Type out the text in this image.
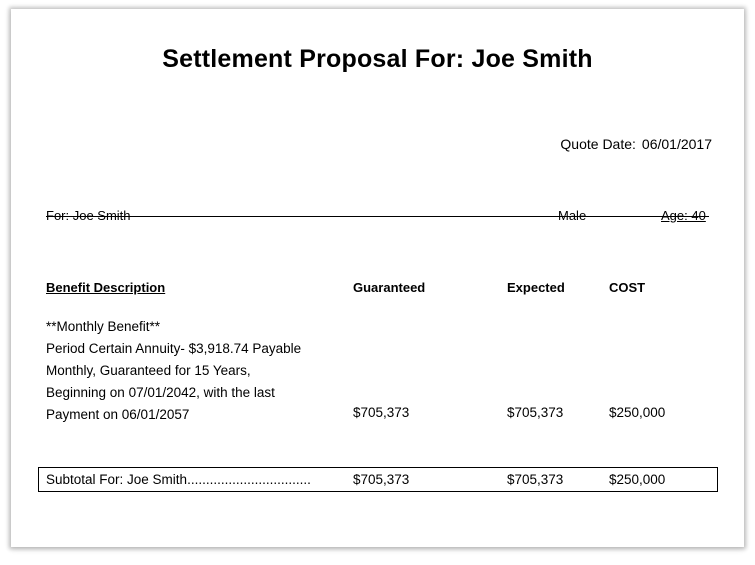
Settlement Proposal For: Joe Smith
Quote Date: 06/01/2017
For: Joe Smith	Male	Age: 40
Benefit Description	Guaranteed	Expected	COST
**Monthly Benefit**
Period Certain Annuity- $3,918.74 Payable
Monthly, Guaranteed for 15 Years,
Beginning on 07/01/2042, with the last
Payment on 06/01/2057	$705,373	$705,373	$250,000
Subtotal For: Joe Smith.................................	$705,373	$705,373	$250,000
